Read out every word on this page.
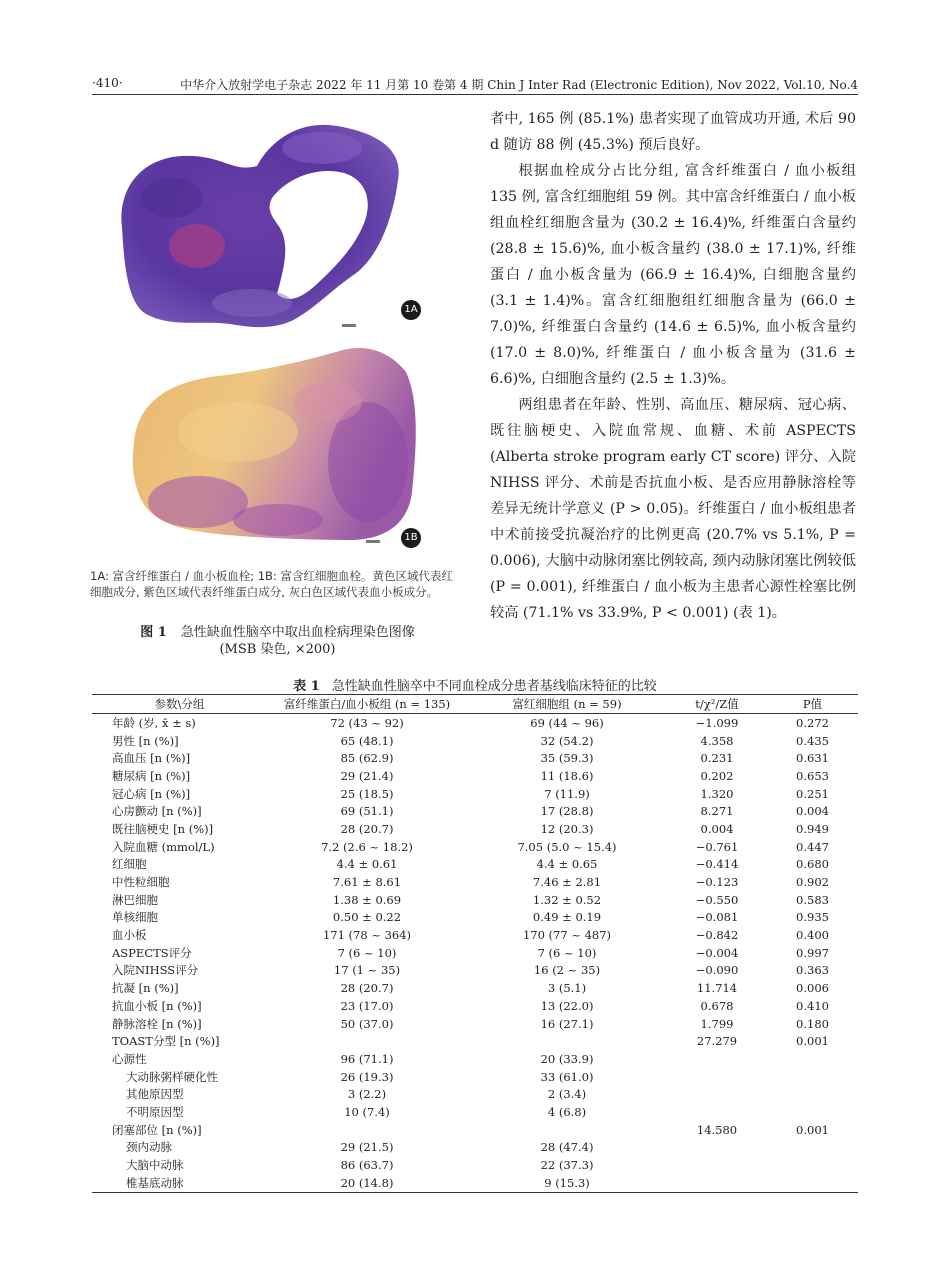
·410·	中华介入放射学电子杂志 2022 年 11 月第 10 卷第 4 期 Chin J Inter Rad (Electronic Edition), Nov 2022, Vol.10, No.4
1A
1B
1A: 富含纤维蛋白 / 血小板血栓; 1B: 富含红细胞血栓。黄色区域代表红细胞成分, 紫色区域代表纤维蛋白成分, 灰白色区域代表血小板成分。
图 1 急性缺血性脑卒中取出血栓病理染色图像
(MSB 染色, ×200)

者中, 165 例 (85.1%) 患者实现了血管成功开通, 术后 90 d 随访 88 例 (45.3%) 预后良好。

根据血栓成分占比分组, 富含纤维蛋白 / 血小板组 135 例, 富含红细胞组 59 例。其中富含纤维蛋白 / 血小板组血栓红细胞含量为 (30.2 ± 16.4)%, 纤维蛋白含量约 (28.8 ± 15.6)%, 血小板含量约 (38.0 ± 17.1)%, 纤维蛋白 / 血小板含量为 (66.9 ± 16.4)%, 白细胞含量约 (3.1 ± 1.4)%。富含红细胞组红细胞含量为 (66.0 ± 7.0)%, 纤维蛋白含量约 (14.6 ± 6.5)%, 血小板含量约 (17.0 ± 8.0)%, 纤维蛋白 / 血小板含量为 (31.6 ± 6.6)%, 白细胞含量约 (2.5 ± 1.3)%。

两组患者在年龄、性别、高血压、糖尿病、冠心病、既往脑梗史、入院血常规、血糖、术前 ASPECTS (Alberta stroke program early CT score) 评分、入院 NIHSS 评分、术前是否抗血小板、是否应用静脉溶栓等差异无统计学意义 (P > 0.05)。纤维蛋白 / 血小板组患者中术前接受抗凝治疗的比例更高 (20.7% vs 5.1%, P = 0.006), 大脑中动脉闭塞比例较高, 颈内动脉闭塞比例较低 (P = 0.001), 纤维蛋白 / 血小板为主患者心源性栓塞比例较高 (71.1% vs 33.9%, P < 0.001) (表 1)。

表 1 急性缺血性脑卒中不同血栓成分患者基线临床特征的比较
参数\分组	富纤维蛋白/血小板组 (n = 135)	富红细胞组 (n = 59)	t/χ²/Z值	P值
年龄 (岁, x̄ ± s)	72 (43 ~ 92)	69 (44 ~ 96)	−1.099	0.272
男性 [n (%)]	65 (48.1)	32 (54.2)	4.358	0.435
高血压 [n (%)]	85 (62.9)	35 (59.3)	0.231	0.631
糖尿病 [n (%)]	29 (21.4)	11 (18.6)	0.202	0.653
冠心病 [n (%)]	25 (18.5)	7 (11.9)	1.320	0.251
心房颤动 [n (%)]	69 (51.1)	17 (28.8)	8.271	0.004
既往脑梗史 [n (%)]	28 (20.7)	12 (20.3)	0.004	0.949
入院血糖 (mmol/L)	7.2 (2.6 ~ 18.2)	7.05 (5.0 ~ 15.4)	−0.761	0.447
红细胞	4.4 ± 0.61	4.4 ± 0.65	−0.414	0.680
中性粒细胞	7.61 ± 8.61	7.46 ± 2.81	−0.123	0.902
淋巴细胞	1.38 ± 0.69	1.32 ± 0.52	−0.550	0.583
单核细胞	0.50 ± 0.22	0.49 ± 0.19	−0.081	0.935
血小板	171 (78 ~ 364)	170 (77 ~ 487)	−0.842	0.400
ASPECTS评分	7 (6 ~ 10)	7 (6 ~ 10)	−0.004	0.997
入院NIHSS评分	17 (1 ~ 35)	16 (2 ~ 35)	−0.090	0.363
抗凝 [n (%)]	28 (20.7)	3 (5.1)	11.714	0.006
抗血小板 [n (%)]	23 (17.0)	13 (22.0)	0.678	0.410
静脉溶栓 [n (%)]	50 (37.0)	16 (27.1)	1.799	0.180
TOAST分型 [n (%)]			27.279	0.001
心源性	96 (71.1)	20 (33.9)		
大动脉粥样硬化性	26 (19.3)	33 (61.0)		
其他原因型	3 (2.2)	2 (3.4)		
不明原因型	10 (7.4)	4 (6.8)		
闭塞部位 [n (%)]			14.580	0.001
颈内动脉	29 (21.5)	28 (47.4)		
大脑中动脉	86 (63.7)	22 (37.3)		
椎基底动脉	20 (14.8)	9 (15.3)		
